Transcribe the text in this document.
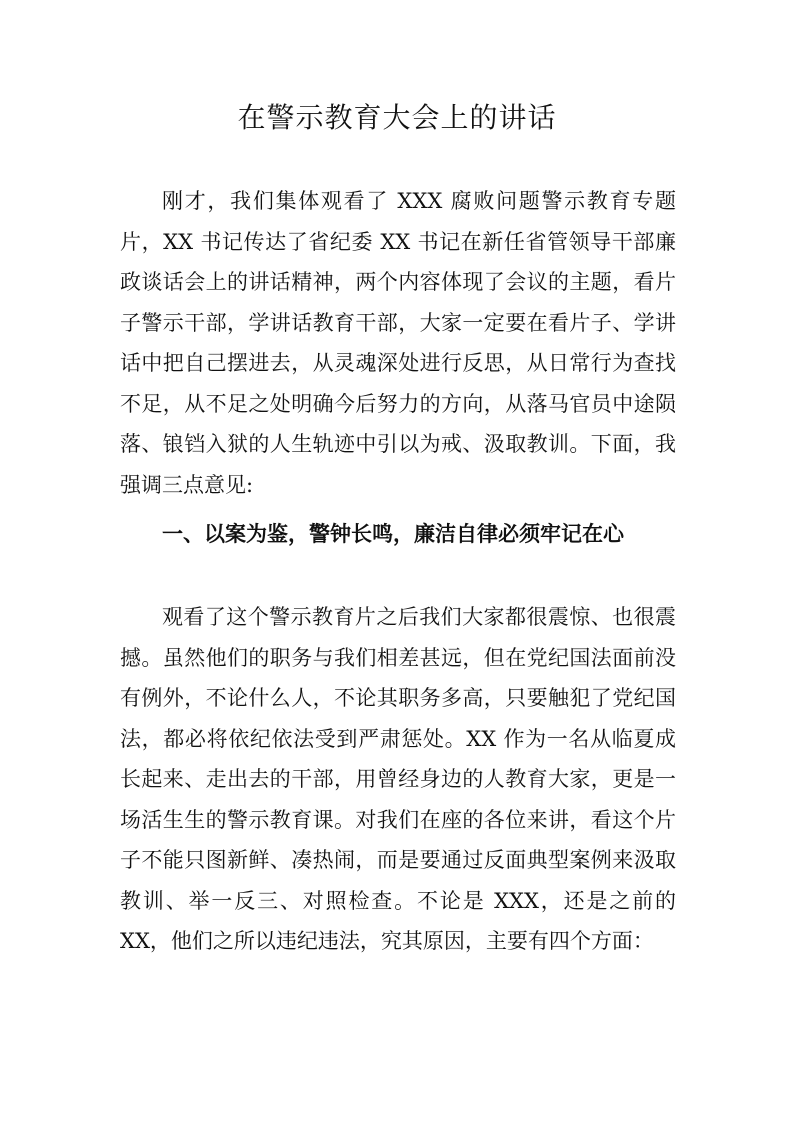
在警示教育大会上的讲话

刚才，我们集体观看了 XXX 腐败问题警示教育专题片，XX 书记传达了省纪委 XX 书记在新任省管领导干部廉政谈话会上的讲话精神，两个内容体现了会议的主题，看片子警示干部，学讲话教育干部，大家一定要在看片子、学讲话中把自己摆进去，从灵魂深处进行反思，从日常行为查找不足，从不足之处明确今后努力的方向，从落马官员中途陨落、锒铛入狱的人生轨迹中引以为戒、汲取教训。下面，我强调三点意见:

一、以案为鉴，警钟长鸣，廉洁自律必须牢记在心

观看了这个警示教育片之后我们大家都很震惊、也很震撼。虽然他们的职务与我们相差甚远，但在党纪国法面前没有例外，不论什么人，不论其职务多高，只要触犯了党纪国法，都必将依纪依法受到严肃惩处。XX 作为一名从临夏成长起来、走出去的干部，用曾经身边的人教育大家，更是一场活生生的警示教育课。对我们在座的各位来讲，看这个片子不能只图新鲜、凑热闹，而是要通过反面典型案例来汲取教训、举一反三、对照检查。不论是 XXX，还是之前的 XX，他们之所以违纪违法，究其原因，主要有四个方面：
